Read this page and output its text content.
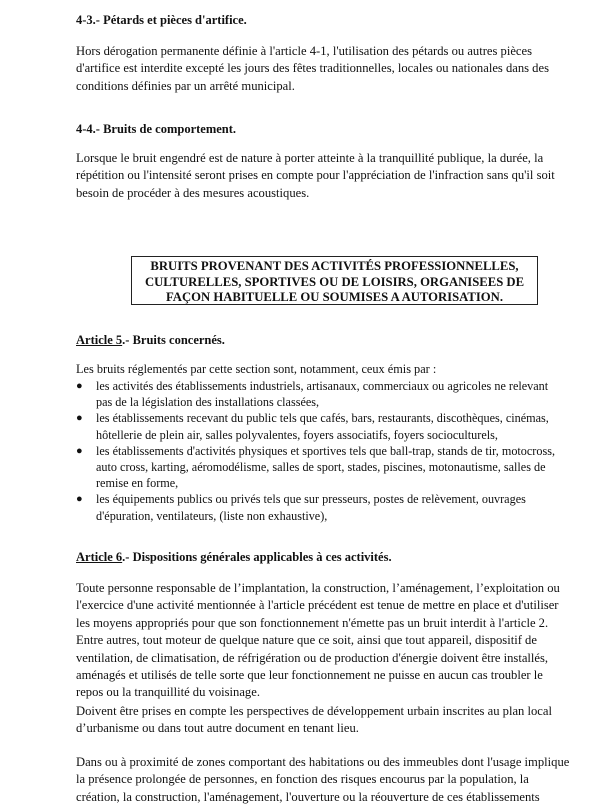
4-3.- Pétards et pièces d'artifice.
Hors dérogation permanente définie à l'article 4-1, l'utilisation des pétards ou autres pièces
d'artifice est interdite excepté les jours des fêtes traditionnelles, locales ou nationales dans des
conditions définies par un arrêté municipal.
4-4.- Bruits de comportement.
Lorsque le bruit engendré est de nature à porter atteinte à la tranquillité publique, la durée, la
répétition ou l'intensité seront prises en compte pour l'appréciation de l'infraction sans qu'il soit
besoin de procéder à des mesures acoustiques.
BRUITS PROVENANT DES ACTIVITÉS PROFESSIONNELLES,
CULTURELLES, SPORTIVES OU DE LOISIRS, ORGANISEES DE
FAÇON HABITUELLE OU SOUMISES A AUTORISATION.
Article 5.- Bruits concernés.
Les bruits réglementés par cette section sont, notamment, ceux émis par :
● les activités des établissements industriels, artisanaux, commerciaux ou agricoles ne relevant
pas de la législation des installations classées,
● les établissements recevant du public tels que cafés, bars, restaurants, discothèques, cinémas,
hôtellerie de plein air, salles polyvalentes, foyers associatifs, foyers socioculturels,
● les établissements d'activités physiques et sportives tels que ball-trap, stands de tir, motocross,
auto cross, karting, aéromodélisme, salles de sport, stades, piscines, motonautisme, salles de
remise en forme,
● les équipements publics ou privés tels que sur presseurs, postes de relèvement, ouvrages
d'épuration, ventilateurs, (liste non exhaustive),
Article 6.- Dispositions générales applicables à ces activités.
Toute personne responsable de l’implantation, la construction, l’aménagement, l’exploitation ou
l'exercice d'une activité mentionnée à l'article précédent est tenue de mettre en place et d'utiliser
les moyens appropriés pour que son fonctionnement n'émette pas un bruit interdit à l'article 2.
Entre autres, tout moteur de quelque nature que ce soit, ainsi que tout appareil, dispositif de
ventilation, de climatisation, de réfrigération ou de production d'énergie doivent être installés,
aménagés et utilisés de telle sorte que leur fonctionnement ne puisse en aucun cas troubler le
repos ou la tranquillité du voisinage.
Doivent être prises en compte les perspectives de développement urbain inscrites au plan local
d’urbanisme ou dans tout autre document en tenant lieu.
Dans ou à proximité de zones comportant des habitations ou des immeubles dont l'usage implique
la présence prolongée de personnes, en fonction des risques encourus par la population, la
création, la construction, l'aménagement, l'ouverture ou la réouverture de ces établissements
